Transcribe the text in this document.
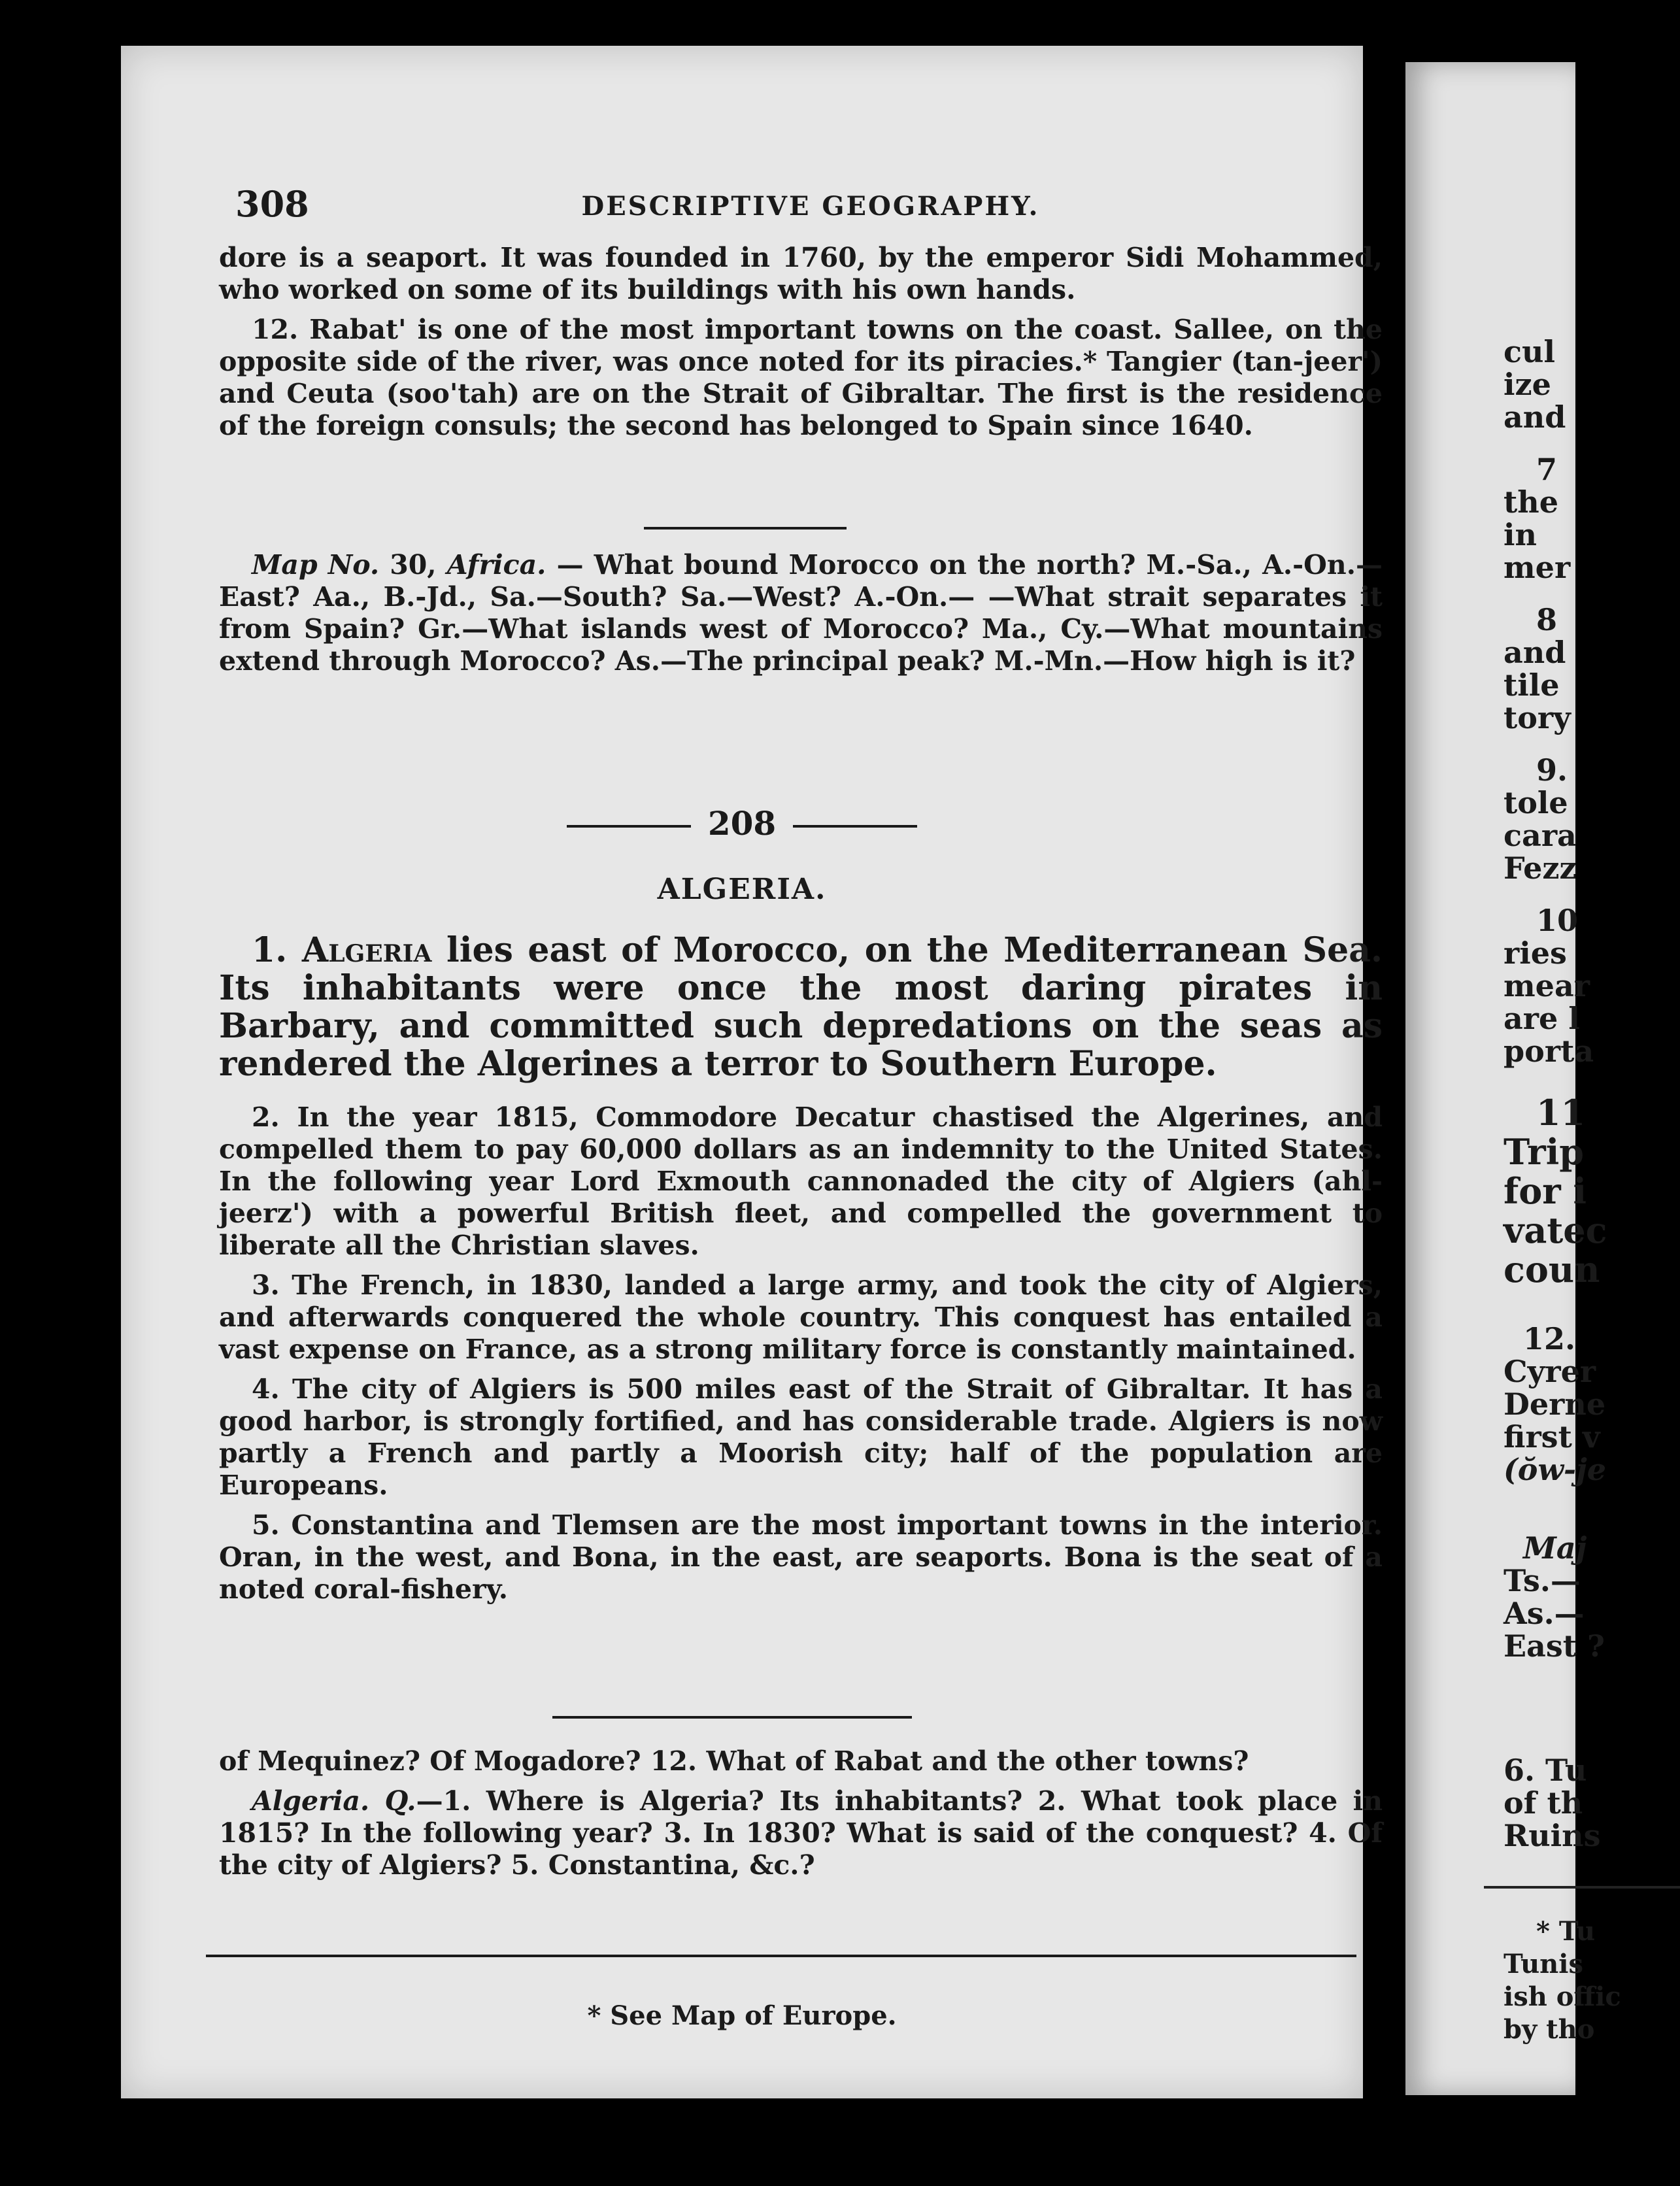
308	DESCRIPTIVE GEOGRAPHY.

dore is a seaport. It was founded in 1760, by the emperor Sidi Mohammed, who worked on some of its buildings with his own hands.

12. Rabat' is one of the most important towns on the coast. Sallee, on the opposite side of the river, was once noted for its piracies.* Tangier (tan-jeer') and Ceuta (soo'tah) are on the Strait of Gibraltar. The first is the residence of the foreign consuls; the second has belonged to Spain since 1640.

Map No. 30, Africa. — What bound Morocco on the north? M.-Sa., A.-On.—East? Aa., B.-Jd., Sa.—South? Sa.—West? A.-On.— —What strait separates it from Spain? Gr.—What islands west of Morocco? Ma., Cy.—What mountains extend through Morocco? As.—The principal peak? M.-Mn.—How high is it?
208
ALGERIA.
1. Algeria lies east of Morocco, on the Mediterranean Sea. Its inhabitants were once the most daring pirates in Barbary, and committed such depredations on the seas as rendered the Algerines a terror to Southern Europe.

2. In the year 1815, Commodore Decatur chastised the Algerines, and compelled them to pay 60,000 dollars as an indemnity to the United States. In the following year Lord Exmouth cannonaded the city of Algiers (ahl-jeerz') with a powerful British fleet, and compelled the government to liberate all the Christian slaves.

3. The French, in 1830, landed a large army, and took the city of Algiers, and afterwards conquered the whole country. This conquest has entailed a vast expense on France, as a strong military force is constantly maintained.

4. The city of Algiers is 500 miles east of the Strait of Gibraltar. It has a good harbor, is strongly fortified, and has considerable trade. Algiers is now partly a French and partly a Moorish city; half of the population are Europeans.

5. Constantina and Tlemsen are the most important towns in the interior. Oran, in the west, and Bona, in the east, are seaports. Bona is the seat of a noted coral-fishery.

of Mequinez? Of Mogadore? 12. What of Rabat and the other towns?

Algeria. Q.—1. Where is Algeria? Its inhabitants? 2. What took place in 1815? In the following year? 3. In 1830? What is said of the conquest? 4. Of the city of Algiers? 5. Constantina, &c.?

* See Map of Europe.
cul
ize
and
7
the
in
mer
8
and
tile
tory
9.
tole
cara
Fezz
10
ries
mear
are l
porta
11
Trip
for i
vatec
coun
12.
Cyrer
Derne
first v
(ŏw-je
Maj
Ts.—
As.—
East ?
6. Tu
of th
Ruins
* Tu
Tunis
ish offic
by tho
